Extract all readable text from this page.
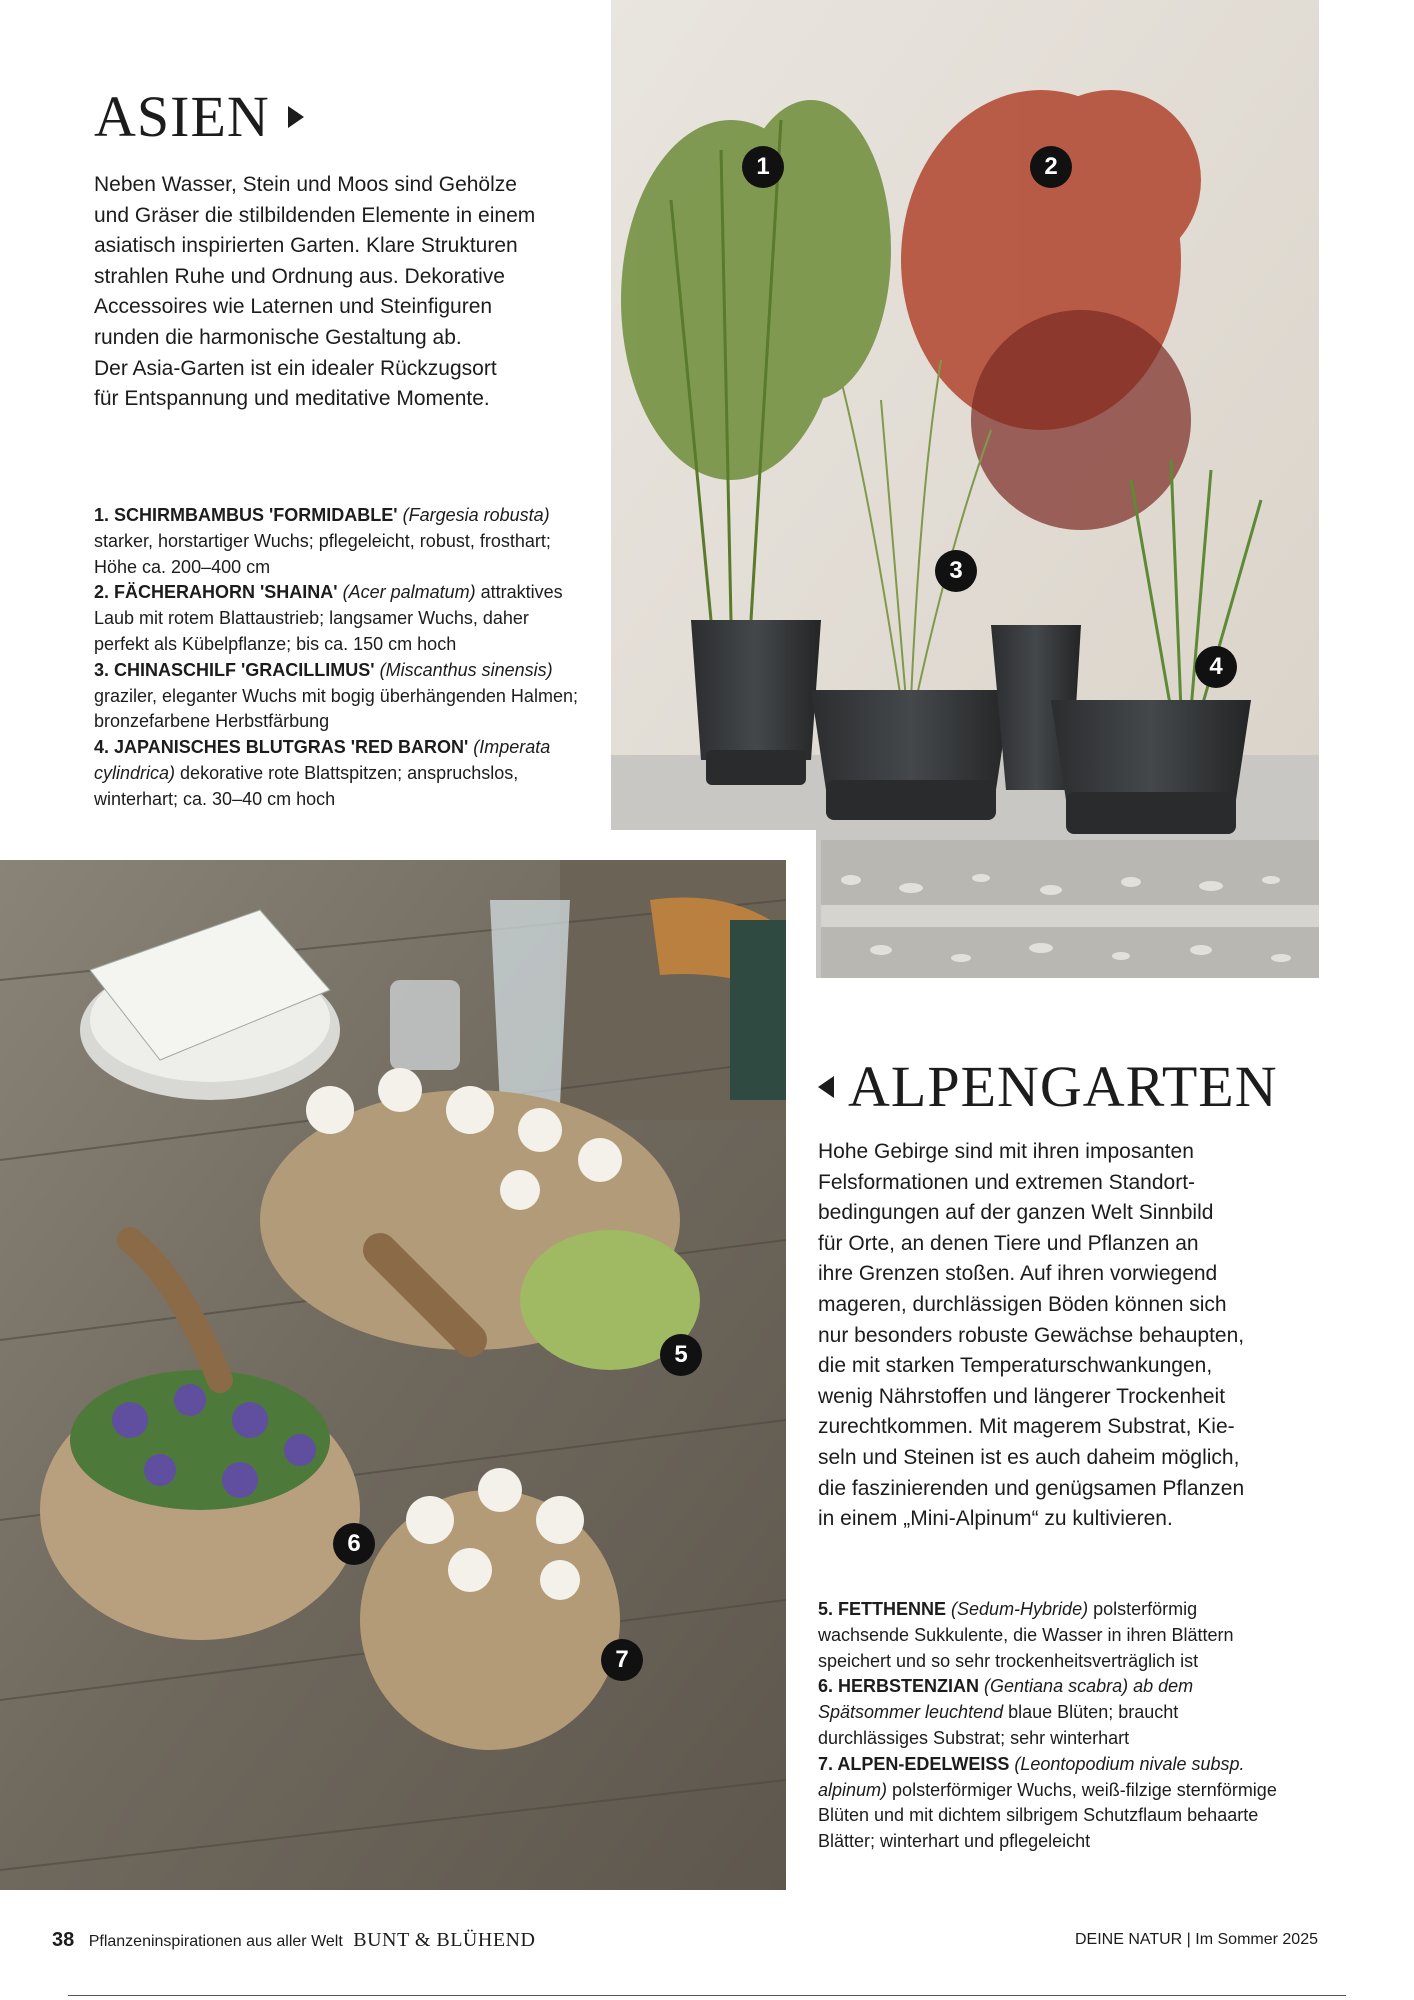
ASIEN
Neben Wasser, Stein und Moos sind Gehölze
und Gräser die stilbildenden Elemente in einem
asiatisch inspirierten Garten. Klare Strukturen
strahlen Ruhe und Ordnung aus. Dekorative
Accessoires wie Laternen und Steinfiguren
runden die harmonische Gestaltung ab.
Der Asia-Garten ist ein idealer Rückzugsort
für Entspannung und meditative Momente.
1. SCHIRMBAMBUS 'FORMIDABLE' (Fargesia robusta) starker, horstartiger Wuchs; pflegeleicht, robust, frosthart; Höhe ca. 200–400 cm
2. FÄCHERAHORN 'SHAINA' (Acer palmatum) attraktives Laub mit rotem Blattaustrieb; langsamer Wuchs, daher perfekt als Kübelpflanze; bis ca. 150 cm hoch
3. CHINASCHILF 'GRACILLIMUS' (Miscanthus sinensis) graziler, eleganter Wuchs mit bogig überhängenden Halmen; bronzefarbene Herbstfärbung
4. JAPANISCHES BLUTGRAS 'RED BARON' (Imperata cylindrica) dekorative rote Blattspitzen; anspruchslos, winterhart; ca. 30–40 cm hoch
1	2
3
4
5
6
7
ALPENGARTEN
Hohe Gebirge sind mit ihren imposanten
Felsformationen und extremen Standort-
bedingungen auf der ganzen Welt Sinnbild
für Orte, an denen Tiere und Pflanzen an
ihre Grenzen stoßen. Auf ihren vorwiegend
mageren, durchlässigen Böden können sich
nur besonders robuste Gewächse behaupten,
die mit starken Temperaturschwankungen,
wenig Nährstoffen und längerer Trockenheit
zurechtkommen. Mit magerem Substrat, Kie-
seln und Steinen ist es auch daheim möglich,
die faszinierenden und genügsamen Pflanzen
in einem „Mini-Alpinum“ zu kultivieren.
5. FETTHENNE (Sedum-Hybride) polsterförmig wachsende Sukkulente, die Wasser in ihren Blättern speichert und so sehr trockenheitsverträglich ist
6. HERBSTENZIAN (Gentiana scabra) ab dem Spätsommer leuchtend blaue Blüten; braucht durchlässiges Substrat; sehr winterhart
7. ALPEN-EDELWEISS (Leontopodium nivale subsp. alpinum) polsterförmiger Wuchs, weiß-filzige sternförmige Blüten und mit dichtem silbrigem Schutzflaum behaarte Blätter; winterhart und pflegeleicht
38 Pflanzeninspirationen aus aller Welt BUNT & BLÜHEND	DEINE NATUR | Im Sommer 2025
